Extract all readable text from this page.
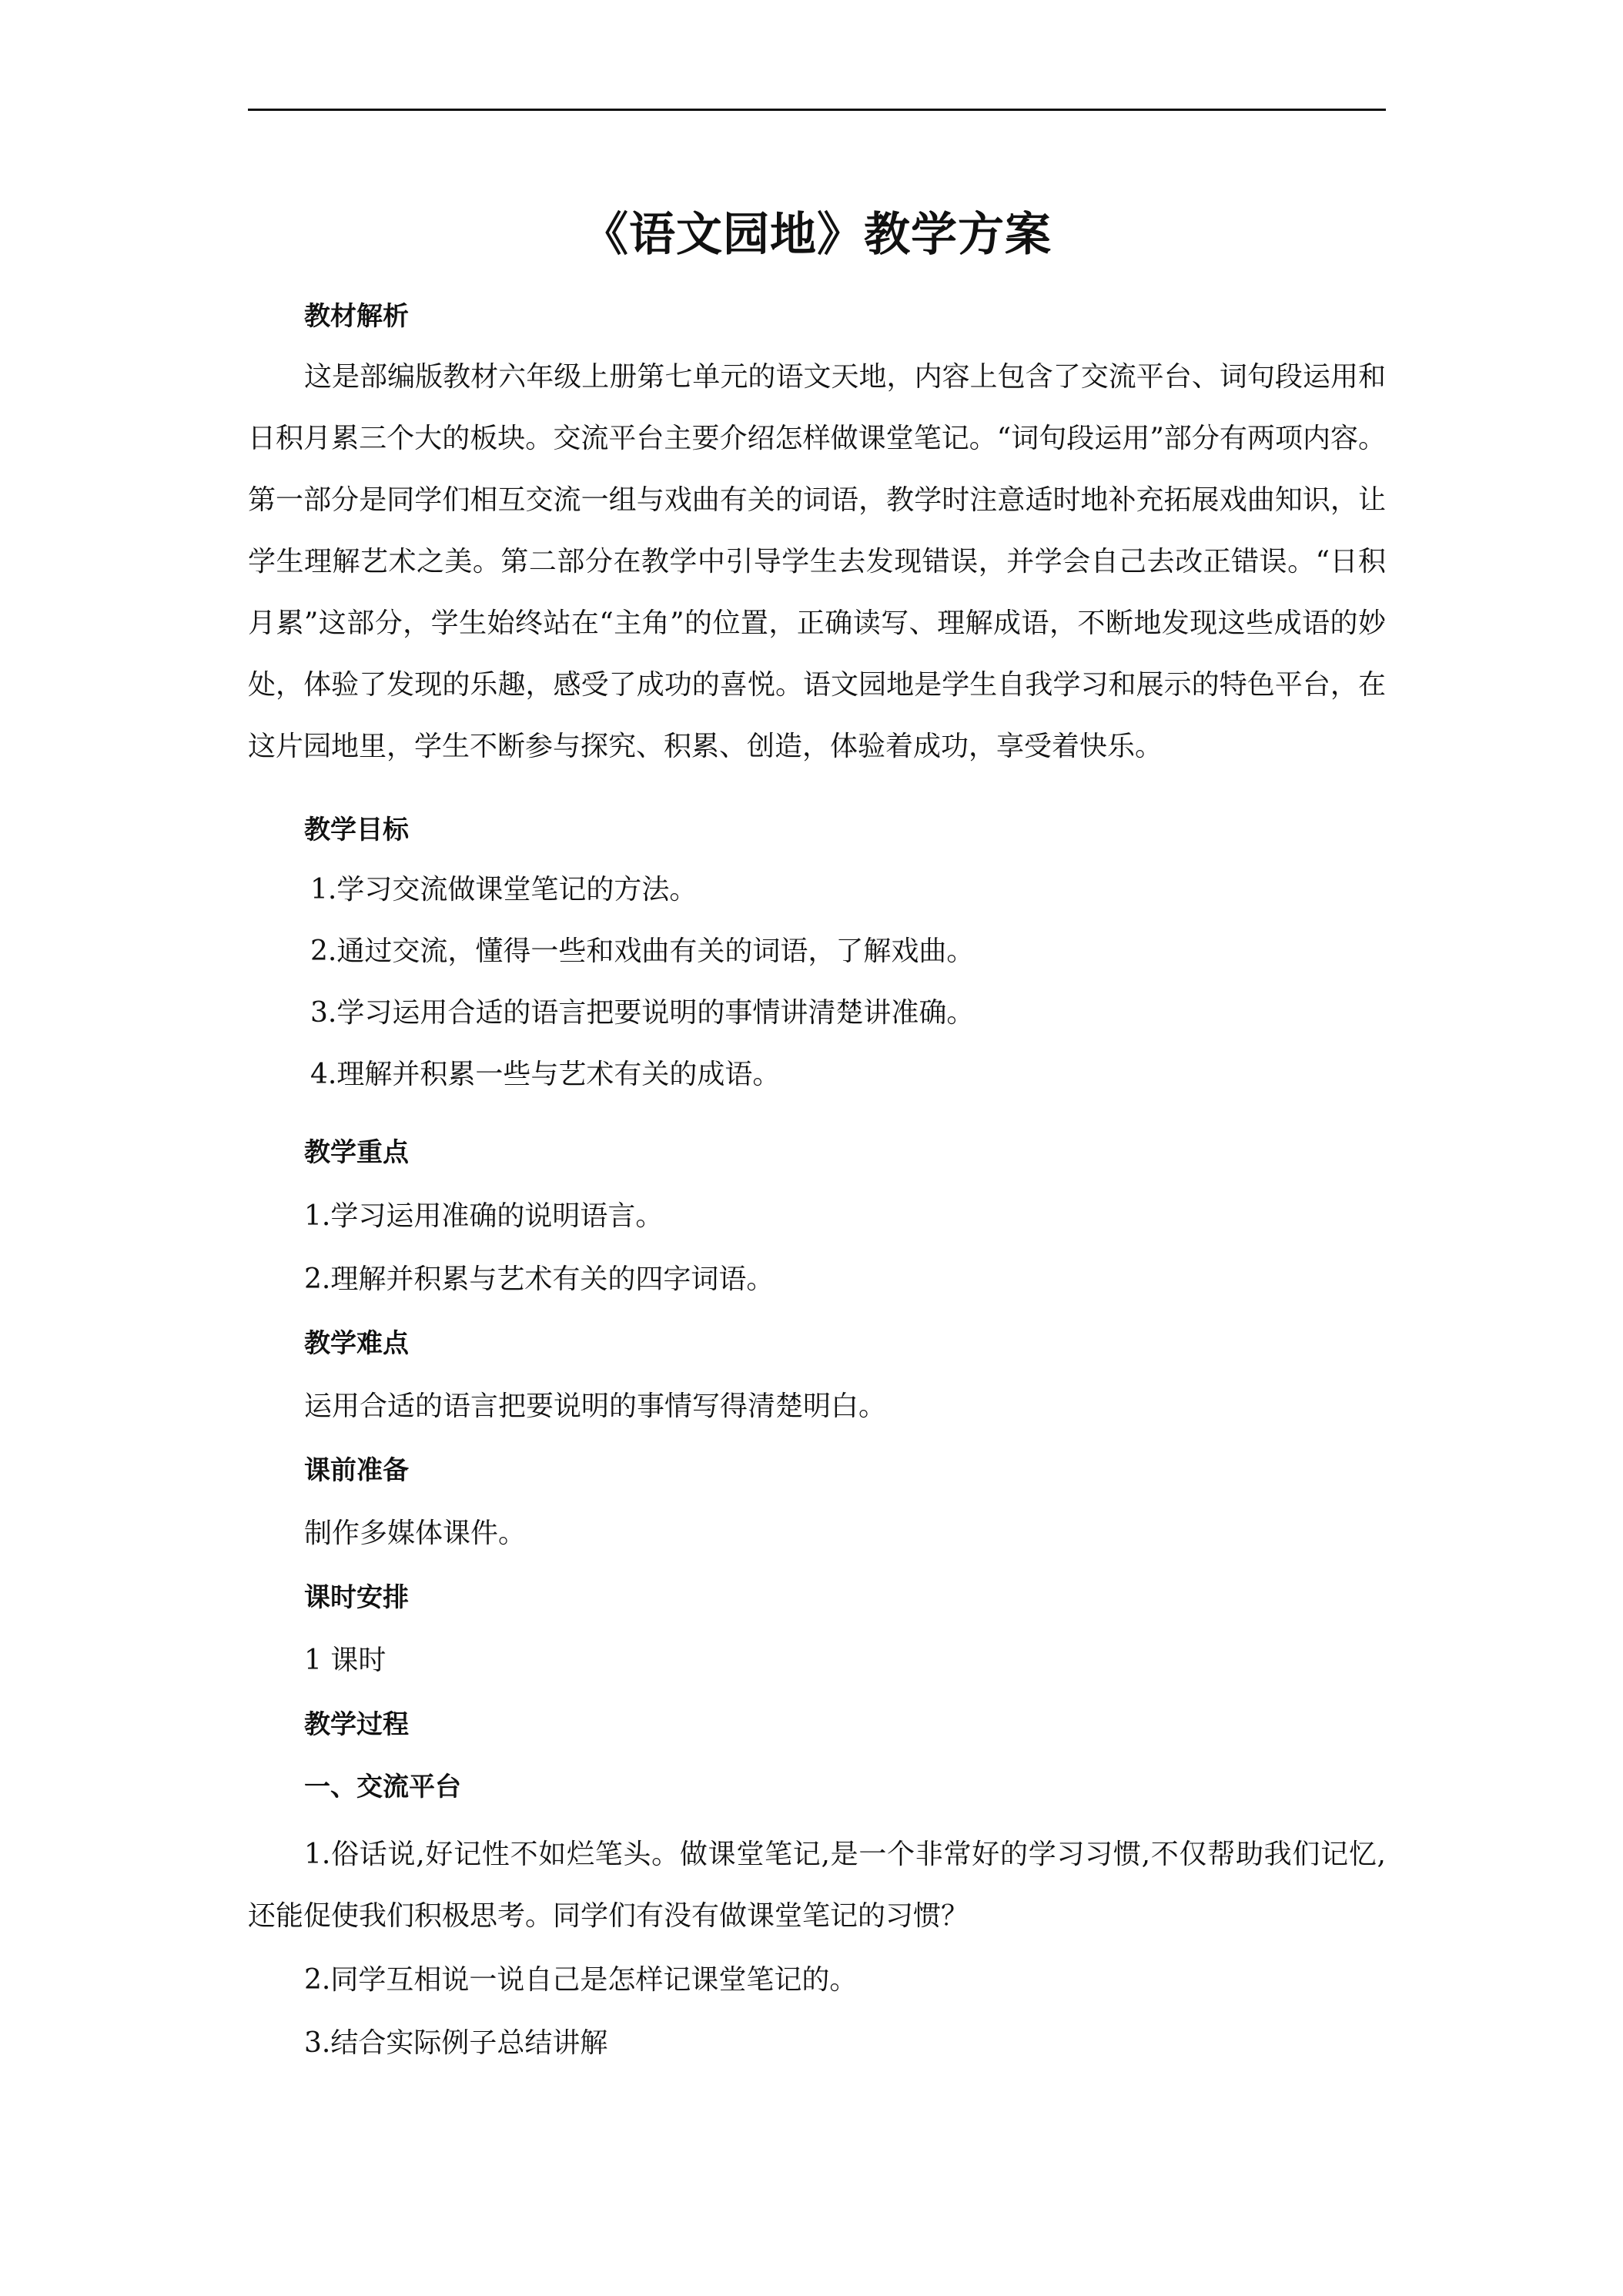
《语文园地》教学方案
教材解析

这是部编版教材六年级上册第七单元的语文天地，内容上包含了交流平台、词句段运用和日积月累三个大的板块。交流平台主要介绍怎样做课堂笔记。“词句段运用”部分有两项内容。第一部分是同学们相互交流一组与戏曲有关的词语，教学时注意适时地补充拓展戏曲知识，让学生理解艺术之美。第二部分在教学中引导学生去发现错误，并学会自己去改正错误。“日积月累”这部分，学生始终站在“主角”的位置，正确读写、理解成语，不断地发现这些成语的妙处，体验了发现的乐趣，感受了成功的喜悦。语文园地是学生自我学习和展示的特色平台，在这片园地里，学生不断参与探究、积累、创造，体验着成功，享受着快乐。

教学目标
1.学习交流做课堂笔记的方法。
2.通过交流，懂得一些和戏曲有关的词语，了解戏曲。
3.学习运用合适的语言把要说明的事情讲清楚讲准确。
4.理解并积累一些与艺术有关的成语。
教学重点
1.学习运用准确的说明语言。
2.理解并积累与艺术有关的四字词语。
教学难点
运用合适的语言把要说明的事情写得清楚明白。
课前准备
制作多媒体课件。
课时安排
1 课时
教学过程
一、交流平台

1.俗话说,好记性不如烂笔头。做课堂笔记,是一个非常好的学习习惯,不仅帮助我们记忆,还能促使我们积极思考。同学们有没有做课堂笔记的习惯？

2.同学互相说一说自己是怎样记课堂笔记的。
3.结合实际例子总结讲解
